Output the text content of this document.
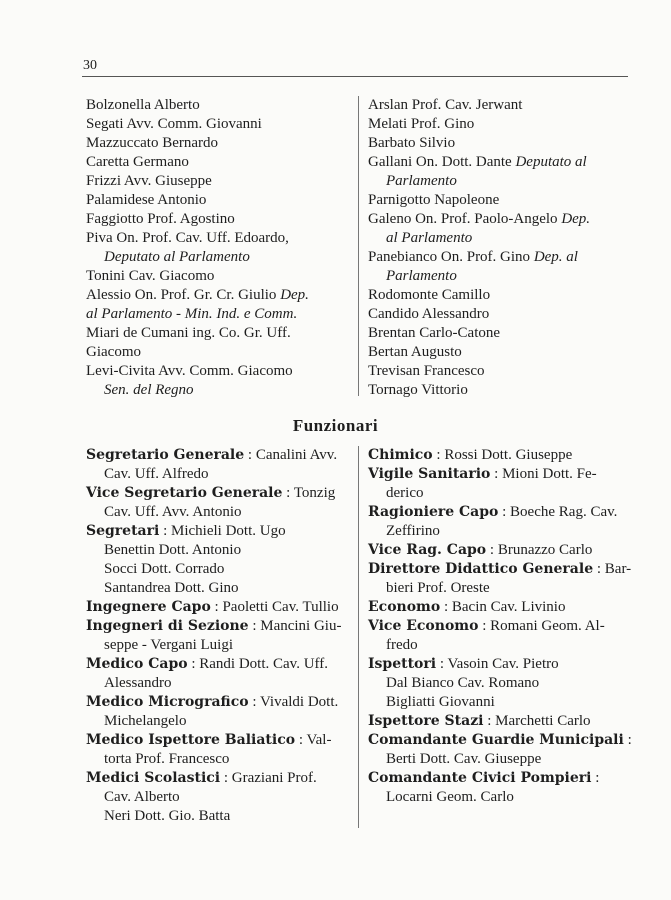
30
Bolzonella Alberto
Segati Avv. Comm. Giovanni
Mazzuccato Bernardo
Caretta Germano
Frizzi Avv. Giuseppe
Palamidese Antonio
Faggiotto Prof. Agostino
Piva On. Prof. Cav. Uff. Edoardo,
Deputato al Parlamento
Tonini Cav. Giacomo
Alessio On. Prof. Gr. Cr. Giulio Dep.
al Parlamento - Min. Ind. e Comm.
Miari de Cumani ing. Co. Gr. Uff.
Giacomo
Levi-Civita Avv. Comm. Giacomo
Sen. del Regno
Arslan Prof. Cav. Jerwant
Melati Prof. Gino
Barbato Silvio
Gallani On. Dott. Dante Deputato al
Parlamento
Parnigotto Napoleone
Galeno On. Prof. Paolo-Angelo Dep.
al Parlamento
Panebianco On. Prof. Gino Dep. al
Parlamento
Rodomonte Camillo
Candido Alessandro
Brentan Carlo-Catone
Bertan Augusto
Trevisan Francesco
Tornago Vittorio
Funzionari
Segretario Generale : Canalini Avv.
Cav. Uff. Alfredo
Vice Segretario Generale : Tonzig
Cav. Uff. Avv. Antonio
Segretari : Michieli Dott. Ugo
Benettin Dott. Antonio
Socci Dott. Corrado
Santandrea Dott. Gino
Ingegnere Capo : Paoletti Cav. Tullio
Ingegneri di Sezione : Mancini Giu-
seppe - Vergani Luigi
Medico Capo : Randi Dott. Cav. Uff.
Alessandro
Medico Micrografico : Vivaldi Dott.
Michelangelo
Medico Ispettore Baliatico : Val-
torta Prof. Francesco
Medici Scolastici : Graziani Prof.
Cav. Alberto
Neri Dott. Gio. Batta
Chimico : Rossi Dott. Giuseppe
Vigile Sanitario : Mioni Dott. Fe-
derico
Ragioniere Capo : Boeche Rag. Cav.
Zeffirino
Vice Rag. Capo : Brunazzo Carlo
Direttore Didattico Generale : Bar-
bieri Prof. Oreste
Economo : Bacin Cav. Livinio
Vice Economo : Romani Geom. Al-
fredo
Ispettori : Vasoin Cav. Pietro
Dal Bianco Cav. Romano
Bigliatti Giovanni
Ispettore Stazi : Marchetti Carlo
Comandante Guardie Municipali :
Berti Dott. Cav. Giuseppe
Comandante Civici Pompieri :
Locarni Geom. Carlo
